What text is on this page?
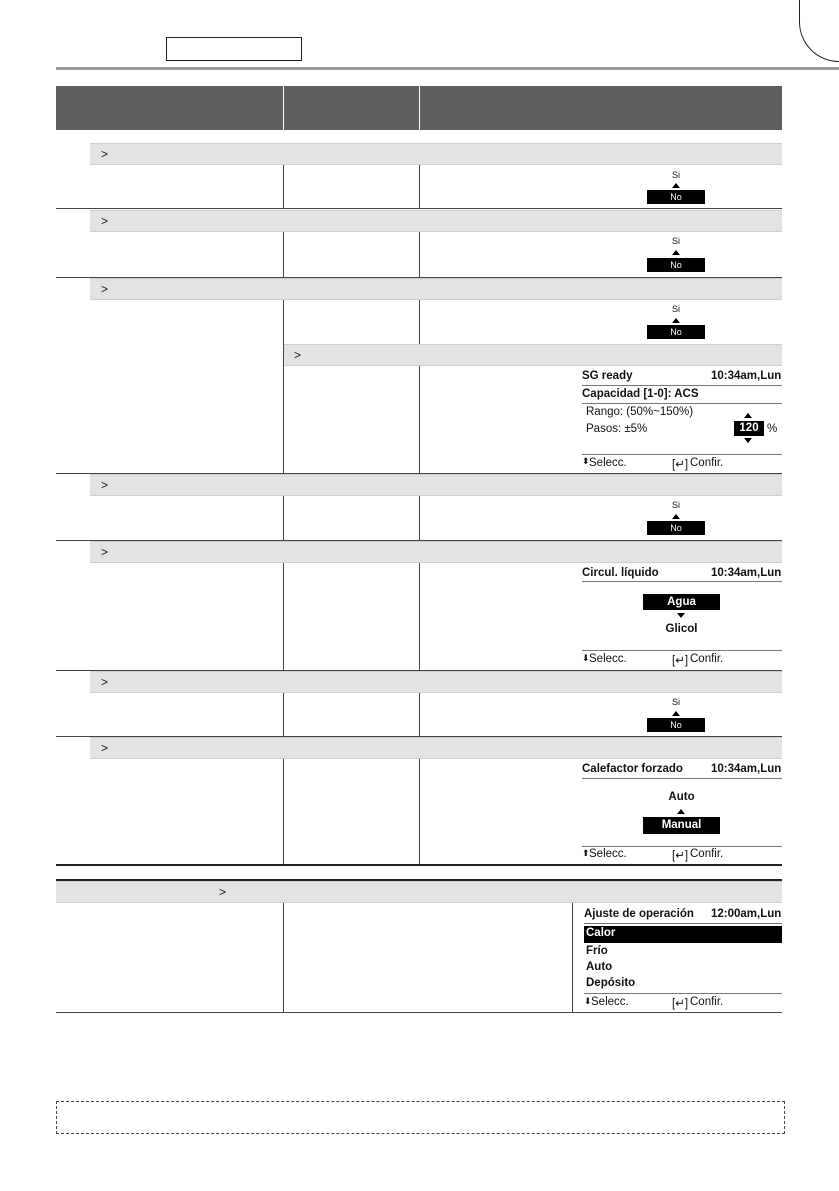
>
Si
No
>
Si
No
>
Si
No
>
SG ready	10:34am,Lun
Capacidad [1-0]: ACS
Rango: (50%~150%)
Pasos: ±5%	120 %
⬍ Selecc.	[↵] Confir.
>
Si
No
>
Circul. líquido	10:34am,Lun
Agua
Glicol
⬇ Selecc.	[↵] Confir.
>
Si
No
>
Calefactor forzado 10:34am,Lun
Auto
Manual
⬆ Selecc.	[↵] Confir.
>
Ajuste de operación 12:00am,Lun
Calor
Frío
Auto
Depósito
⬇ Selecc.	[↵] Confir.
